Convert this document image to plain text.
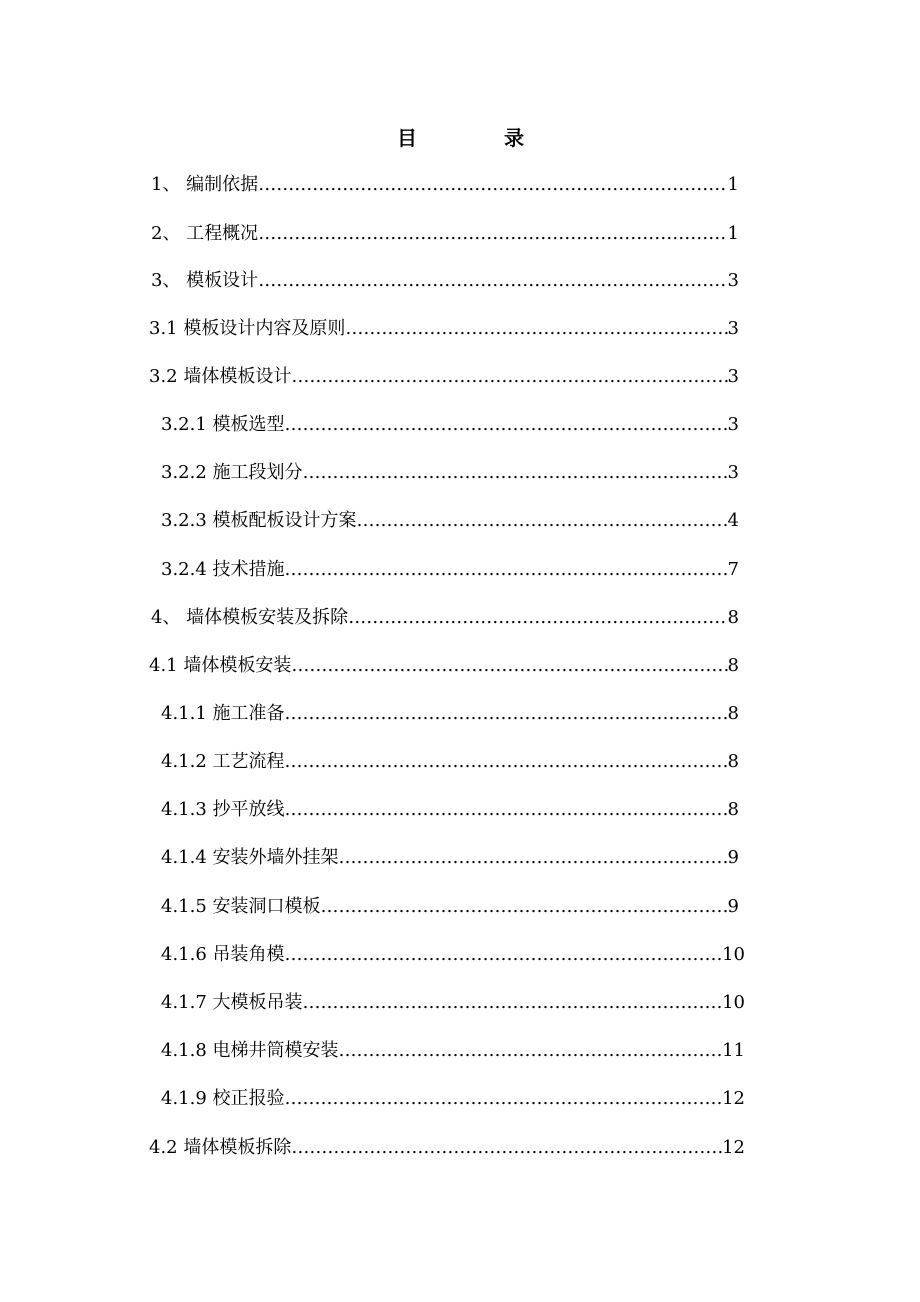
目	录
1、 编制依据 …………………………………………………………………………………………………………………………………………………………	1
2、 工程概况 …………………………………………………………………………………………………………………………………………………………	1
3、 模板设计 …………………………………………………………………………………………………………………………………………………………	3
3.1 模板设计内容及原则 …………………………………………………………………………………………………………………………………………………………	3
3.2 墙体模板设计 …………………………………………………………………………………………………………………………………………………………	3
3.2.1 模板选型 …………………………………………………………………………………………………………………………………………………………	3
3.2.2 施工段划分 …………………………………………………………………………………………………………………………………………………………	3
3.2.3 模板配板设计方案 …………………………………………………………………………………………………………………………………………………………	4
3.2.4 技术措施 …………………………………………………………………………………………………………………………………………………………	7
4、 墙体模板安装及拆除 …………………………………………………………………………………………………………………………………………………………	8
4.1 墙体模板安装 …………………………………………………………………………………………………………………………………………………………	8
4.1.1 施工准备 …………………………………………………………………………………………………………………………………………………………	8
4.1.2 工艺流程 …………………………………………………………………………………………………………………………………………………………	8
4.1.3 抄平放线 …………………………………………………………………………………………………………………………………………………………	8
4.1.4 安装外墙外挂架 …………………………………………………………………………………………………………………………………………………………	9
4.1.5 安装洞口模板 …………………………………………………………………………………………………………………………………………………………	9
4.1.6 吊装角模 …………………………………………………………………………………………………………………………………………………………	10
4.1.7 大模板吊装 …………………………………………………………………………………………………………………………………………………………	10
4.1.8 电梯井筒模安装 …………………………………………………………………………………………………………………………………………………………	11
4.1.9 校正报验 …………………………………………………………………………………………………………………………………………………………	12
4.2 墙体模板拆除 …………………………………………………………………………………………………………………………………………………………	12
